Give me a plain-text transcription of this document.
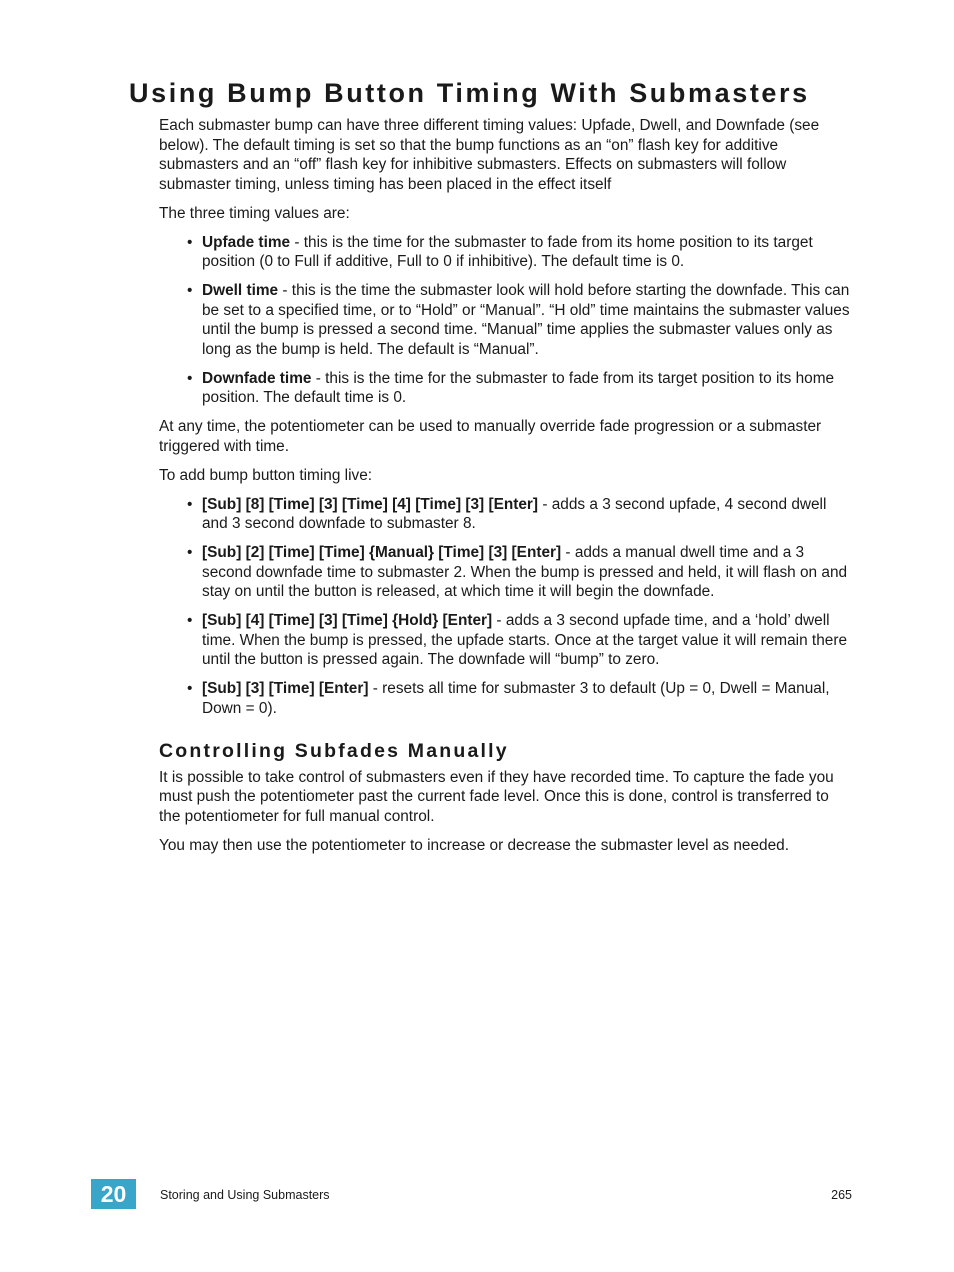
Using Bump Button Timing With Submasters

Each submaster bump can have three different timing values: Upfade, Dwell, and Downfade (see below). The default timing is set so that the bump functions as an “on” flash key for additive submasters and an “off” flash key for inhibitive submasters. Effects on submasters will follow submaster timing, unless timing has been placed in the effect itself

The three timing values are:

• Upfade time - this is the time for the submaster to fade from its home position to its target position (0 to Full if additive, Full to 0 if inhibitive). The default time is 0.
• Dwell time - this is the time the submaster look will hold before starting the downfade. This can be set to a specified time, or to “Hold” or “Manual”. “H old” time maintains the submaster values until the bump is pressed a second time. “Manual” time applies the submaster values only as long as the bump is held. The default is “Manual”.
• Downfade time - this is the time for the submaster to fade from its target position to its home position. The default time is 0.

At any time, the potentiometer can be used to manually override fade progression or a submaster triggered with time.

To add bump button timing live:

• [Sub] [8] [Time] [3] [Time] [4] [Time] [3] [Enter] - adds a 3 second upfade, 4 second dwell and 3 second downfade to submaster 8.
• [Sub] [2] [Time] [Time] {Manual} [Time] [3] [Enter] - adds a manual dwell time and a 3 second downfade time to submaster 2. When the bump is pressed and held, it will flash on and stay on until the button is released, at which time it will begin the downfade.
• [Sub] [4] [Time] [3] [Time] {Hold} [Enter] - adds a 3 second upfade time, and a ‘hold’ dwell time. When the bump is pressed, the upfade starts. Once at the target value it will remain there until the button is pressed again. The downfade will “bump” to zero.
• [Sub] [3] [Time] [Enter] - resets all time for submaster 3 to default (Up = 0, Dwell = Manual, Down = 0).
Controlling Subfades Manually

It is possible to take control of submasters even if they have recorded time. To capture the fade you must push the potentiometer past the current fade level. Once this is done, control is transferred to the potentiometer for full manual control.

You may then use the potentiometer to increase or decrease the submaster level as needed.

20	Storing and Using Submasters	265
